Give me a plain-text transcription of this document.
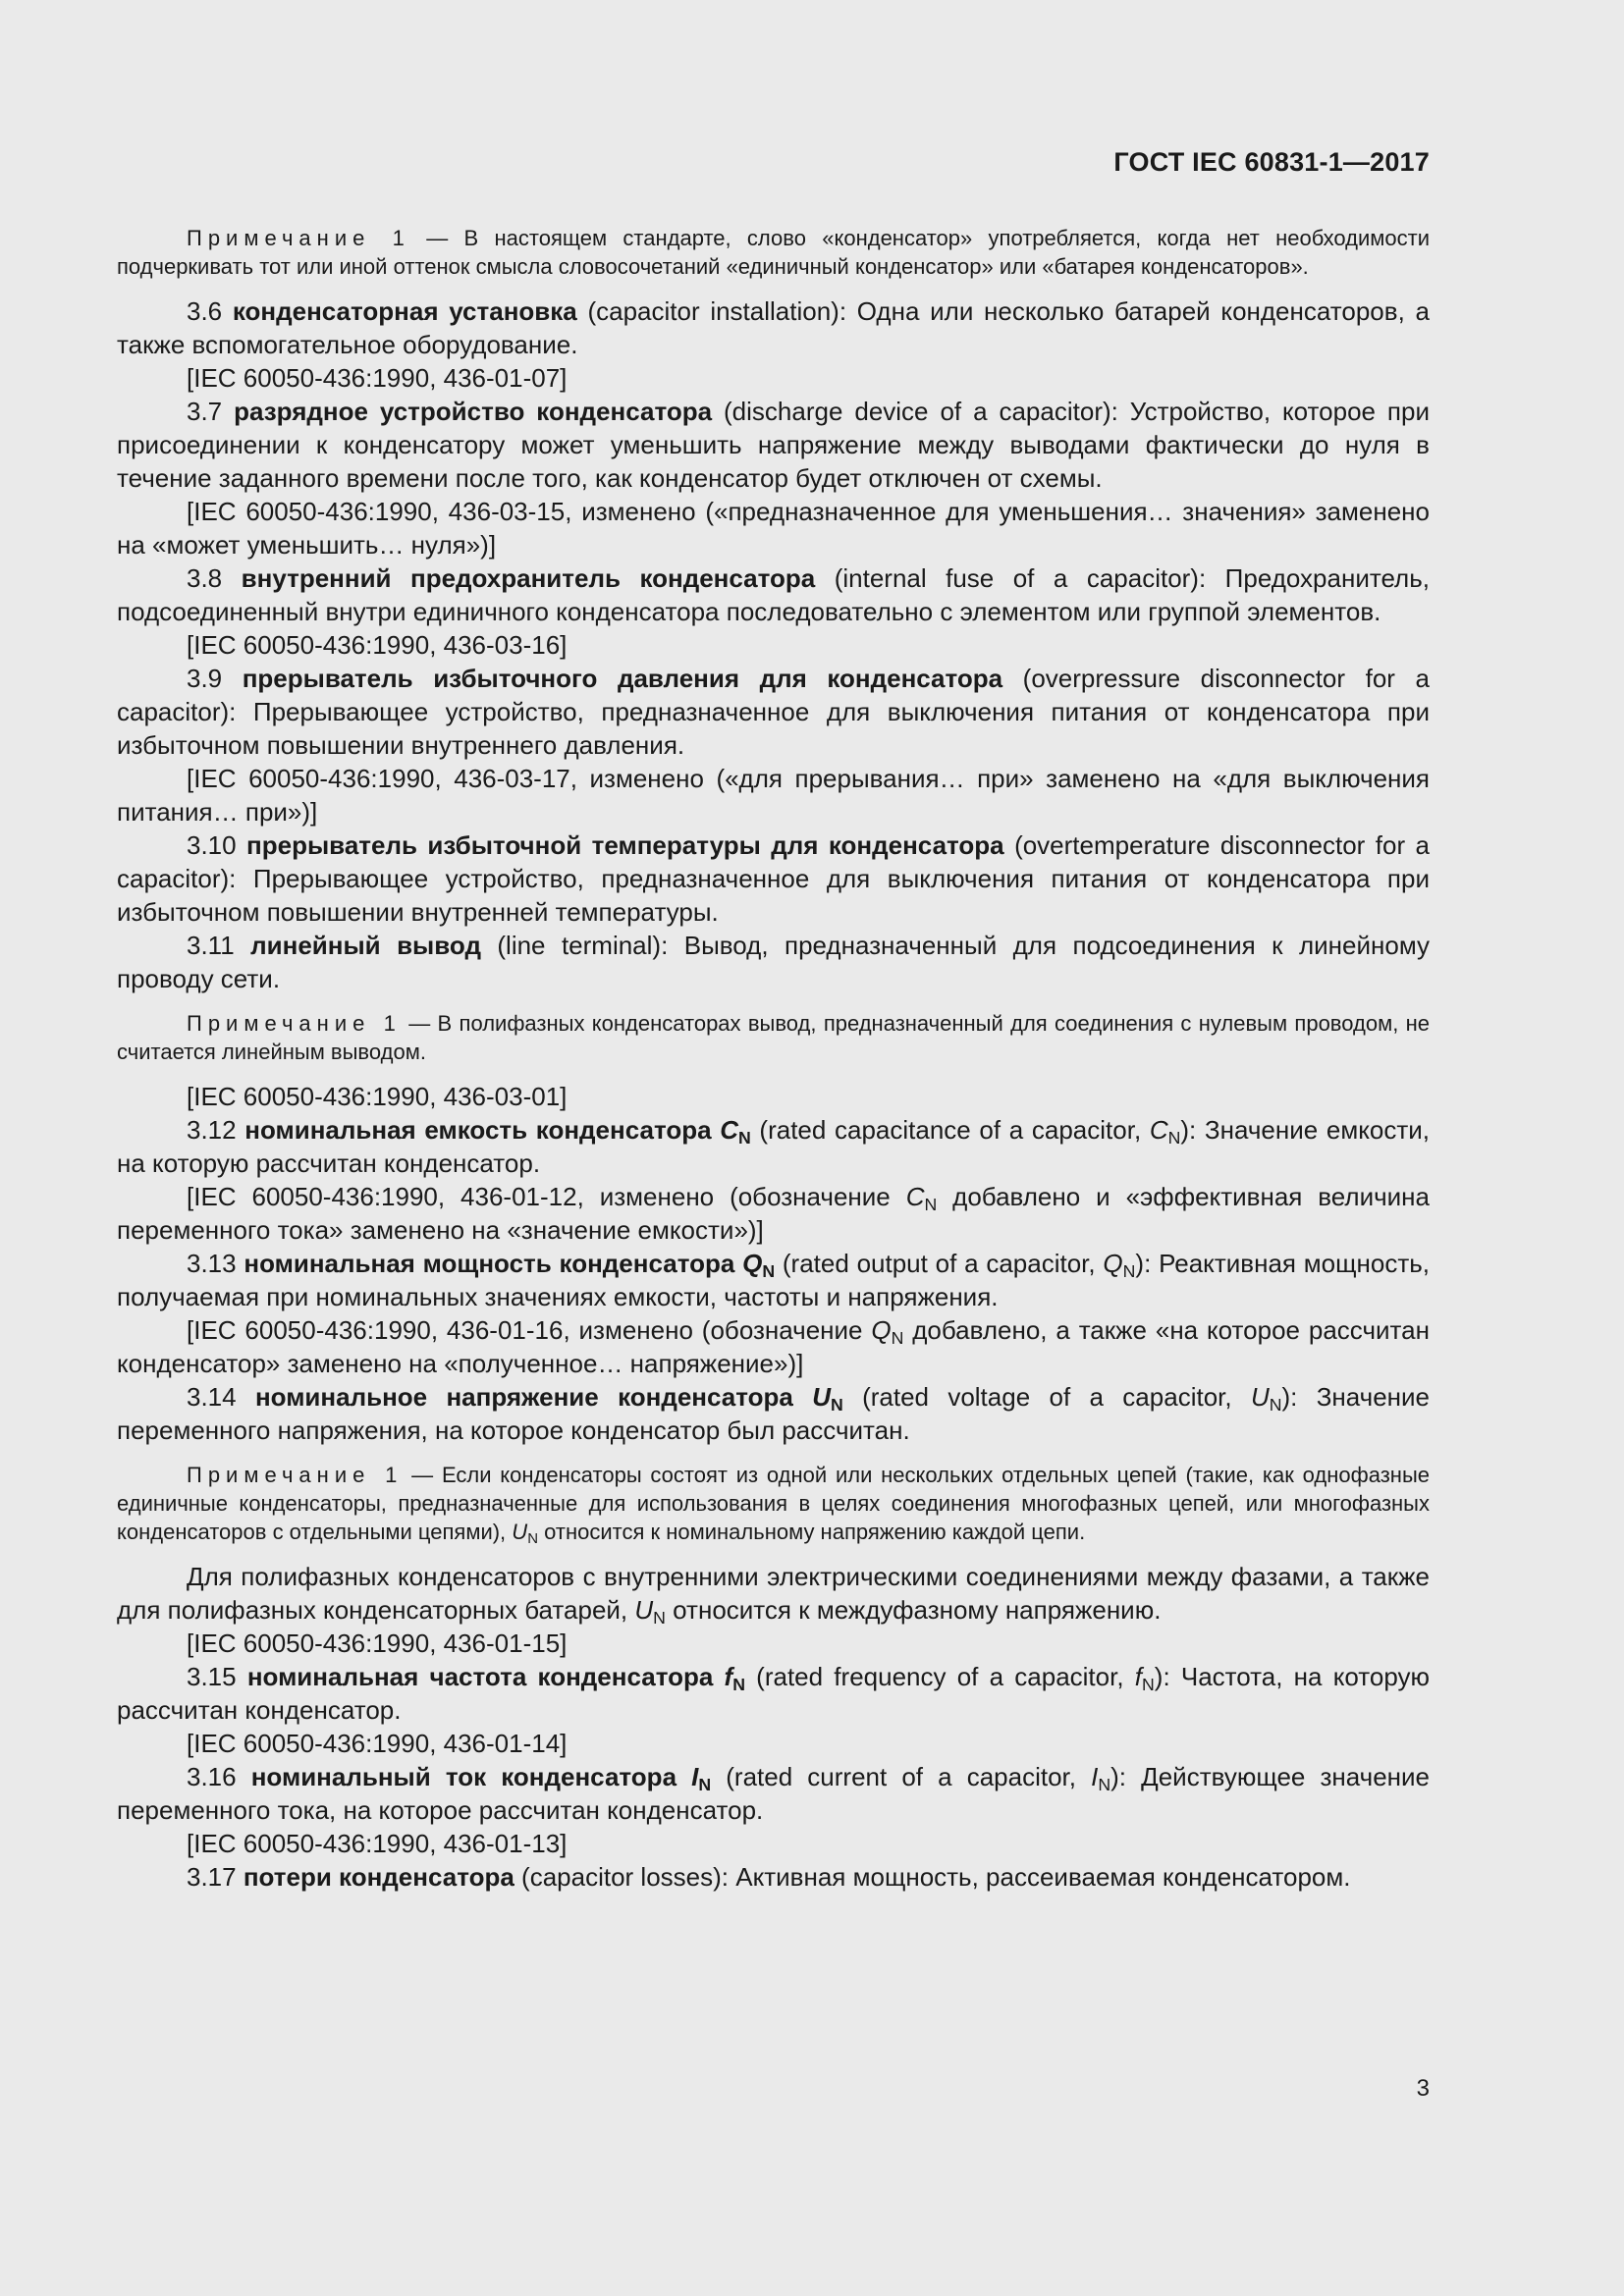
ГОСТ IEC 60831-1—2017

Примечание 1 — В настоящем стандарте, слово «конденсатор» употребляется, когда нет необходимости подчеркивать тот или иной оттенок смысла словосочетаний «единичный конденсатор» или «батарея конденсаторов».

3.6 конденсаторная установка (capacitor installation): Одна или несколько батарей конденсаторов, а также вспомогательное оборудование.

[IEC 60050-436:1990, 436-01-07]

3.7 разрядное устройство конденсатора (discharge device of a capacitor): Устройство, которое при присоединении к конденсатору может уменьшить напряжение между выводами фактически до нуля в течение заданного времени после того, как конденсатор будет отключен от схемы.

[IEC 60050-436:1990, 436-03-15, изменено («предназначенное для уменьшения… значения» заменено на «может уменьшить… нуля»)]

3.8 внутренний предохранитель конденсатора (internal fuse of a capacitor): Предохранитель, подсоединенный внутри единичного конденсатора последовательно с элементом или группой элементов.

[IEC 60050-436:1990, 436-03-16]

3.9 прерыватель избыточного давления для конденсатора (overpressure disconnector for a capacitor): Прерывающее устройство, предназначенное для выключения питания от конденсатора при избыточном повышении внутреннего давления.

[IEC 60050-436:1990, 436-03-17, изменено («для прерывания… при» заменено на «для выключения питания… при»)]

3.10 прерыватель избыточной температуры для конденсатора (overtemperature disconnector for a capacitor): Прерывающее устройство, предназначенное для выключения питания от конденсатора при избыточном повышении внутренней температуры.

3.11 линейный вывод (line terminal): Вывод, предназначенный для подсоединения к линейному проводу сети.

Примечание 1 — В полифазных конденсаторах вывод, предназначенный для соединения с нулевым проводом, не считается линейным выводом.

[IEC 60050-436:1990, 436-03-01]

3.12 номинальная емкость конденсатора $C_N$ (rated capacitance of a capacitor, $C_N$): Значение емкости, на которую рассчитан конденсатор.

[IEC 60050-436:1990, 436-01-12, изменено (обозначение $C_N$ добавлено и «эффективная величина переменного тока» заменено на «значение емкости»)]

3.13 номинальная мощность конденсатора $Q_N$ (rated output of a capacitor, $Q_N$): Реактивная мощность, получаемая при номинальных значениях емкости, частоты и напряжения.

[IEC 60050-436:1990, 436-01-16, изменено (обозначение $Q_N$ добавлено, а также «на которое рассчитан конденсатор» заменено на «полученное… напряжение»)]

3.14 номинальное напряжение конденсатора $U_N$ (rated voltage of a capacitor, $U_N$): Значение переменного напряжения, на которое конденсатор был рассчитан.

Примечание 1 — Если конденсаторы состоят из одной или нескольких отдельных цепей (такие, как однофазные единичные конденсаторы, предназначенные для использования в целях соединения многофазных цепей, или многофазных конденсаторов с отдельными цепями), $U_N$ относится к номинальному напряжению каждой цепи.

Для полифазных конденсаторов с внутренними электрическими соединениями между фазами, а также для полифазных конденсаторных батарей, $U_N$ относится к междуфазному напряжению.

[IEC 60050-436:1990, 436-01-15]

3.15 номинальная частота конденсатора $f_N$ (rated frequency of a capacitor, $f_N$): Частота, на которую рассчитан конденсатор.

[IEC 60050-436:1990, 436-01-14]

3.16 номинальный ток конденсатора $I_N$ (rated current of a capacitor, $I_N$): Действующее значение переменного тока, на которое рассчитан конденсатор.

[IEC 60050-436:1990, 436-01-13]

3.17 потери конденсатора (capacitor losses): Активная мощность, рассеиваемая конденсатором.

3
